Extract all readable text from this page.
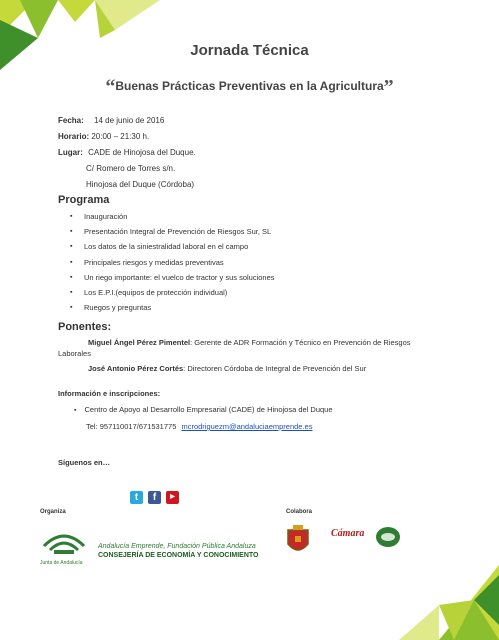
Jornada Técnica
“Buenas Prácticas Preventivas en la Agricultura”
Fecha: 14 de junio de 2016
Horario: 20:00 – 21:30 h.
Lugar: CADE de Hinojosa del Duque.
C/ Romero de Torres s/n.
Hinojosa del Duque (Córdoba)
Programa
▪ Inauguración
▪ Presentación Integral de Prevención de Riesgos Sur, SL
▪ Los datos de la siniestralidad laboral en el campo
▪ Principales riesgos y medidas preventivas
▪ Un riego importante: el vuelco de tractor y sus soluciones
▪ Los E.P.I.(equipos de protección individual)
▪ Ruegos y preguntas
Ponentes:
Miguel Ángel Pérez Pimentel: Gerente de ADR Formación y Técnico en Prevención de Riesgos Laborales
José Antonio Pérez Cortés: Directoren Córdoba de Integral de Prevención del Sur
Información e inscripciones:
▪ Centro de Apoyo al Desarrollo Empresarial (CADE) de Hinojosa del Duque
Tel: 957110017/671531775 mcrodriguezm@andaluciaemprende.es
Síguenos en…
t	f	▶
Organiza	Colabora
Junta de Andalucía
Andalucía Emprende, Fundación Pública Andaluza
CONSEJERÍA DE ECONOMÍA Y CONOCIMIENTO
Cámara
